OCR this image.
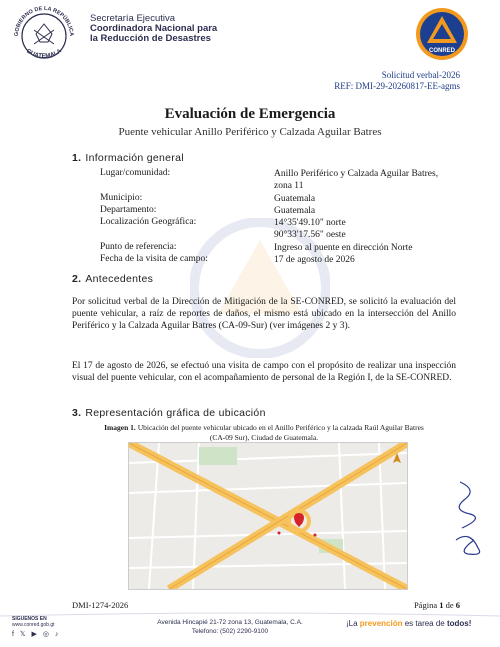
GOBIERNO DE LA REPÚBLICA
GUATEMALA
Secretaría Ejecutiva
Coordinadora Nacional para
la Reducción de Desastres
CONRED
Solicitud verbal-2026
REF: DMI-29-20260817-EE-agms
Evaluación de Emergencia
Puente vehicular Anillo Periférico y Calzada Aguilar Batres
1. Información general
Lugar/comunidad:	Anillo Periférico y Calzada Aguilar Batres,
zona 11
Municipio:	Guatemala
Departamento:	Guatemala
Localización Geográfica:	14°35'49.10" norte
90°33'17.56" oeste
Punto de referencia:	Ingreso al puente en dirección Norte
Fecha de la visita de campo:	17 de agosto de 2026
2. Antecedentes
Por solicitud verbal de la Dirección de Mitigación de la SE-CONRED, se solicitó la evaluación del puente vehicular, a raíz de reportes de daños, el mismo está ubicado en la intersección del Anillo Periférico y la Calzada Aguilar Batres (CA-09-Sur) (ver imágenes 2 y 3).
El 17 de agosto de 2026, se efectuó una visita de campo con el propósito de realizar una inspección visual del puente vehicular, con el acompañamiento de personal de la Región I, de la SE-CONRED.
3. Representación gráfica de ubicación
Imagen 1. Ubicación del puente vehicular ubicado en el Anillo Periférico y la calzada Raúl Aguilar Batres
(CA-09 Sur), Ciudad de Guatemala.
DMI-1274-2026	Página 1 de 6
SIGUENOS EN
www.conred.gob.gt
f 𝕏 ▶ ◎ ♪
Avenida Hincapié 21-72 zona 13, Guatemala, C.A.
Telefono: (502) 2290-9100
¡La prevención es tarea de todos!
